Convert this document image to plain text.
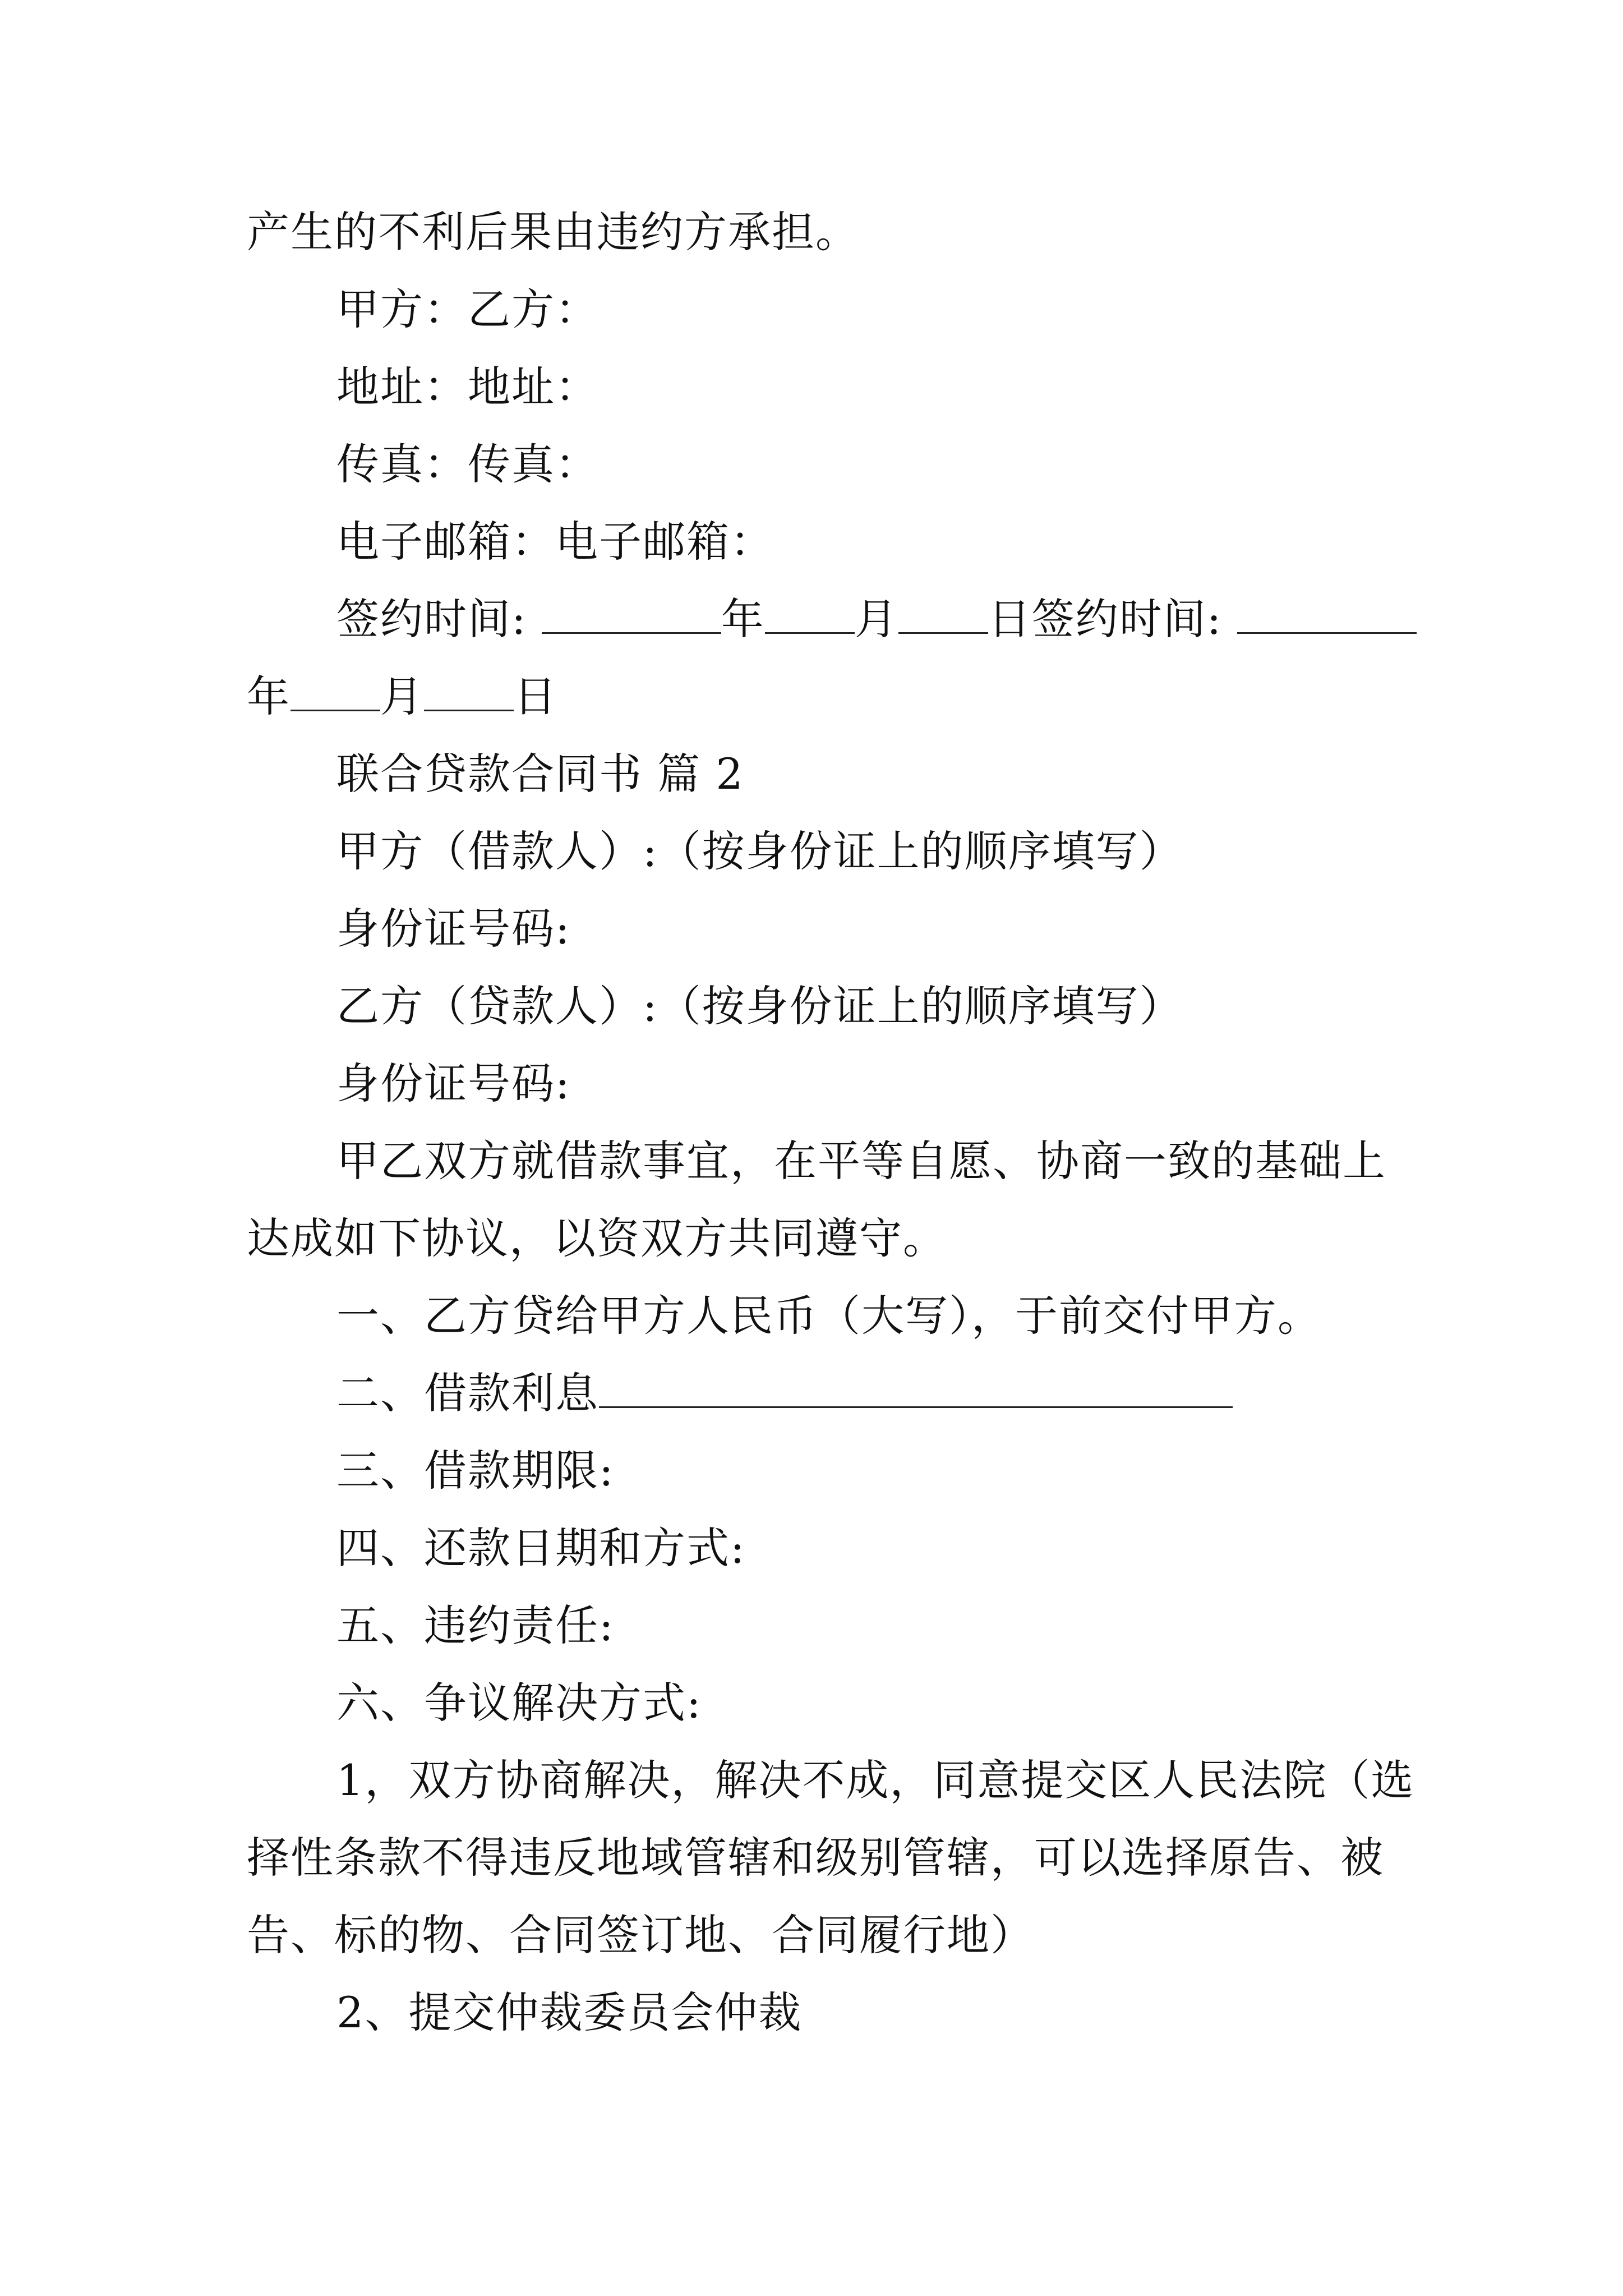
产生的不利后果由违约方承担。
甲方：乙方：
地址：地址：
传真：传真：
电子邮箱：电子邮箱：
签约时间:	年 月 日签约时间:
年 月 日
联合贷款合同书 篇 2
甲方（借款人）:（按身份证上的顺序填写）
身份证号码:
乙方（贷款人）:（按身份证上的顺序填写）
身份证号码:
甲乙双方就借款事宜，在平等自愿、协商一致的基础上
达成如下协议，以资双方共同遵守。
一、乙方贷给甲方人民币（大写），于前交付甲方。
二、借款利息
三、借款期限:
四、还款日期和方式:
五、违约责任:
六、争议解决方式:
1，双方协商解决，解决不成，同意提交区人民法院（选
择性条款不得违反地域管辖和级别管辖，可以选择原告、被
告、标的物、合同签订地、合同履行地）
2、提交仲裁委员会仲裁
